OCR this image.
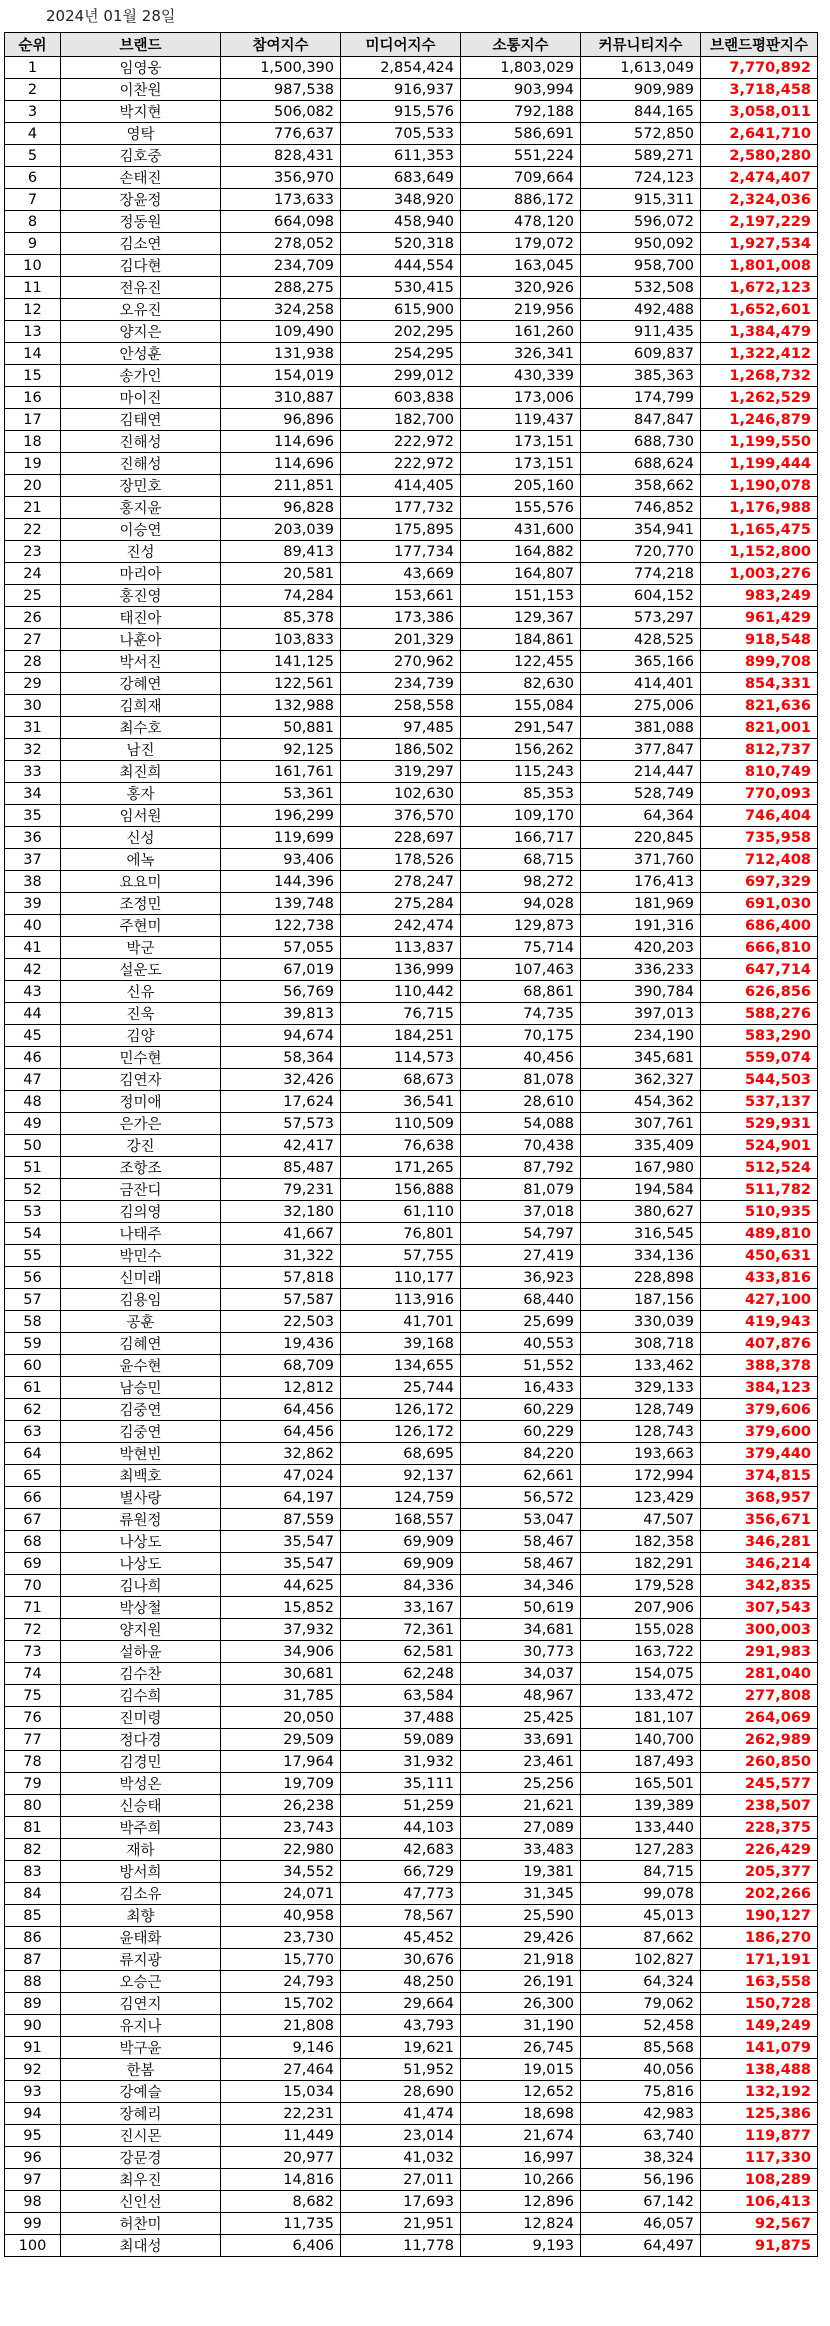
2024년 01월 28일
순위	브랜드	참여지수	미디어지수	소통지수	커뮤니티지수	브랜드평판지수
1	임영웅	1,500,390	2,854,424	1,803,029	1,613,049	7,770,892
2	이찬원	987,538	916,937	903,994	909,989	3,718,458
3	박지현	506,082	915,576	792,188	844,165	3,058,011
4	영탁	776,637	705,533	586,691	572,850	2,641,710
5	김호중	828,431	611,353	551,224	589,271	2,580,280
6	손태진	356,970	683,649	709,664	724,123	2,474,407
7	장윤정	173,633	348,920	886,172	915,311	2,324,036
8	정동원	664,098	458,940	478,120	596,072	2,197,229
9	김소연	278,052	520,318	179,072	950,092	1,927,534
10	김다현	234,709	444,554	163,045	958,700	1,801,008
11	전유진	288,275	530,415	320,926	532,508	1,672,123
12	오유진	324,258	615,900	219,956	492,488	1,652,601
13	양지은	109,490	202,295	161,260	911,435	1,384,479
14	안성훈	131,938	254,295	326,341	609,837	1,322,412
15	송가인	154,019	299,012	430,339	385,363	1,268,732
16	마이진	310,887	603,838	173,006	174,799	1,262,529
17	김태연	96,896	182,700	119,437	847,847	1,246,879
18	진해성	114,696	222,972	173,151	688,730	1,199,550
19	진해성	114,696	222,972	173,151	688,624	1,199,444
20	장민호	211,851	414,405	205,160	358,662	1,190,078
21	홍지윤	96,828	177,732	155,576	746,852	1,176,988
22	이승연	203,039	175,895	431,600	354,941	1,165,475
23	진성	89,413	177,734	164,882	720,770	1,152,800
24	마리아	20,581	43,669	164,807	774,218	1,003,276
25	홍진영	74,284	153,661	151,153	604,152	983,249
26	태진아	85,378	173,386	129,367	573,297	961,429
27	나훈아	103,833	201,329	184,861	428,525	918,548
28	박서진	141,125	270,962	122,455	365,166	899,708
29	강혜연	122,561	234,739	82,630	414,401	854,331
30	김희재	132,988	258,558	155,084	275,006	821,636
31	최수호	50,881	97,485	291,547	381,088	821,001
32	남진	92,125	186,502	156,262	377,847	812,737
33	최진희	161,761	319,297	115,243	214,447	810,749
34	홍자	53,361	102,630	85,353	528,749	770,093
35	임서원	196,299	376,570	109,170	64,364	746,404
36	신성	119,699	228,697	166,717	220,845	735,958
37	에녹	93,406	178,526	68,715	371,760	712,408
38	요요미	144,396	278,247	98,272	176,413	697,329
39	조정민	139,748	275,284	94,028	181,969	691,030
40	주현미	122,738	242,474	129,873	191,316	686,400
41	박군	57,055	113,837	75,714	420,203	666,810
42	설운도	67,019	136,999	107,463	336,233	647,714
43	신유	56,769	110,442	68,861	390,784	626,856
44	진욱	39,813	76,715	74,735	397,013	588,276
45	김양	94,674	184,251	70,175	234,190	583,290
46	민수현	58,364	114,573	40,456	345,681	559,074
47	김연자	32,426	68,673	81,078	362,327	544,503
48	정미애	17,624	36,541	28,610	454,362	537,137
49	은가은	57,573	110,509	54,088	307,761	529,931
50	강진	42,417	76,638	70,438	335,409	524,901
51	조항조	85,487	171,265	87,792	167,980	512,524
52	금잔디	79,231	156,888	81,079	194,584	511,782
53	김의영	32,180	61,110	37,018	380,627	510,935
54	나태주	41,667	76,801	54,797	316,545	489,810
55	박민수	31,322	57,755	27,419	334,136	450,631
56	신미래	57,818	110,177	36,923	228,898	433,816
57	김용임	57,587	113,916	68,440	187,156	427,100
58	공훈	22,503	41,701	25,699	330,039	419,943
59	김혜연	19,436	39,168	40,553	308,718	407,876
60	윤수현	68,709	134,655	51,552	133,462	388,378
61	남승민	12,812	25,744	16,433	329,133	384,123
62	김중연	64,456	126,172	60,229	128,749	379,606
63	김중연	64,456	126,172	60,229	128,743	379,600
64	박현빈	32,862	68,695	84,220	193,663	379,440
65	최백호	47,024	92,137	62,661	172,994	374,815
66	별사랑	64,197	124,759	56,572	123,429	368,957
67	류원정	87,559	168,557	53,047	47,507	356,671
68	나상도	35,547	69,909	58,467	182,358	346,281
69	나상도	35,547	69,909	58,467	182,291	346,214
70	김나희	44,625	84,336	34,346	179,528	342,835
71	박상철	15,852	33,167	50,619	207,906	307,543
72	양지원	37,932	72,361	34,681	155,028	300,003
73	설하윤	34,906	62,581	30,773	163,722	291,983
74	김수찬	30,681	62,248	34,037	154,075	281,040
75	김수희	31,785	63,584	48,967	133,472	277,808
76	진미령	20,050	37,488	25,425	181,107	264,069
77	정다경	29,509	59,089	33,691	140,700	262,989
78	김경민	17,964	31,932	23,461	187,493	260,850
79	박성온	19,709	35,111	25,256	165,501	245,577
80	신승태	26,238	51,259	21,621	139,389	238,507
81	박주희	23,743	44,103	27,089	133,440	228,375
82	재하	22,980	42,683	33,483	127,283	226,429
83	방서희	34,552	66,729	19,381	84,715	205,377
84	김소유	24,071	47,773	31,345	99,078	202,266
85	최향	40,958	78,567	25,590	45,013	190,127
86	윤태화	23,730	45,452	29,426	87,662	186,270
87	류지광	15,770	30,676	21,918	102,827	171,191
88	오승근	24,793	48,250	26,191	64,324	163,558
89	김연지	15,702	29,664	26,300	79,062	150,728
90	유지나	21,808	43,793	31,190	52,458	149,249
91	박구윤	9,146	19,621	26,745	85,568	141,079
92	한봄	27,464	51,952	19,015	40,056	138,488
93	강예슬	15,034	28,690	12,652	75,816	132,192
94	장혜리	22,231	41,474	18,698	42,983	125,386
95	진시몬	11,449	23,014	21,674	63,740	119,877
96	강문경	20,977	41,032	16,997	38,324	117,330
97	최우진	14,816	27,011	10,266	56,196	108,289
98	신인선	8,682	17,693	12,896	67,142	106,413
99	허찬미	11,735	21,951	12,824	46,057	92,567
100	최대성	6,406	11,778	9,193	64,497	91,875
